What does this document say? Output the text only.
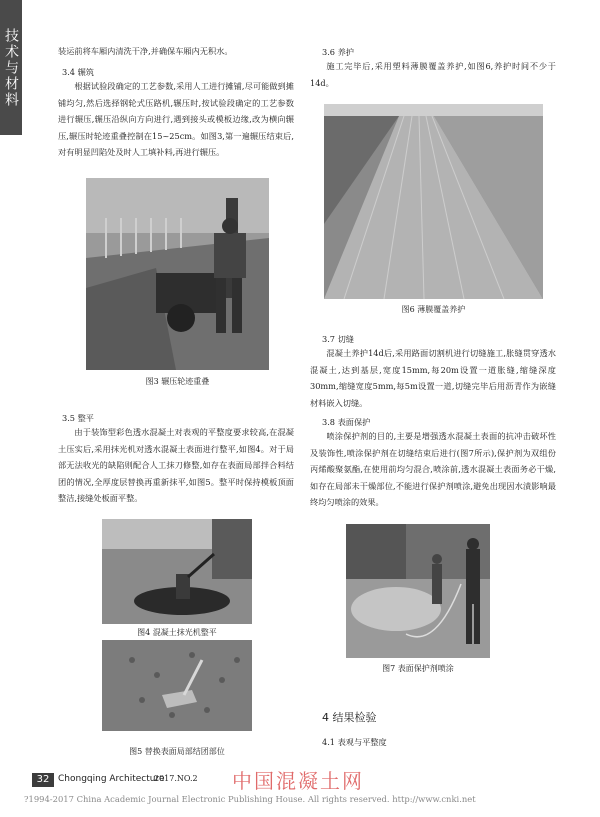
技术与材料	装运前将车厢内清洗干净,并确保车厢内无积水。
3.4 辗筑
根据试验段确定的工艺参数,采用人工进行摊铺,尽可能做到摊铺均匀,然后选择钢轮式压路机,辗压时,按试验段确定的工艺参数进行辗压,辗压沿纵向方向进行,遇到接头或模板边缘,改为横向辗压,辗压时轮迹重叠控制在15~25cm。如图3,第一遍辗压结束后,对有明显凹陷处及时人工填补料,再进行辗压。
图3 辗压轮迹重叠
3.5 整平
由于装饰型彩色透水混凝土对表观的平整度要求较高,在混凝土压实后,采用抹光机对透水混凝土表面进行整平,如图4。对于局部无法收光的缺陷则配合人工抹刀修整,如存在表面局部拌合料结团的情况,全厚度层替换再重新抹平,如图5。整平时保持模板顶面整洁,接缝处板面平整。
图4 混凝土抹光机整平
图5 替换表面局部结团部位
3.6 养护
施工完毕后,采用塑料薄膜覆盖养护,如图6,养护时间不少于14d。
图6 薄膜覆盖养护
3.7 切缝
混凝土养护14d后,采用路面切割机进行切缝施工,胀缝贯穿透水混凝土,达到基层,宽度15mm,每20m设置一道胀缝,缩缝深度30mm,缩缝宽度5mm,每5m设置一道,切缝完毕后用沥青作为嵌缝材料嵌入切缝。
3.8 表面保护
喷涂保护剂的目的,主要是增强透水混凝土表面的抗冲击破坏性及装饰性,喷涂保护剂在切缝结束后进行(图7所示),保护剂为双组份丙烯酸聚氨酯,在使用前均匀混合,喷涂前,透水混凝土表面务必干燥,如存在局部未干燥部位,不能进行保护剂喷涂,避免出现因水渍影响最终均匀喷涂的效果。
图7 表面保护剂喷涂
4 结果检验
4.1 表观与平整度
32 Chongqing Architecture
2017.NO.2 中国混凝土网
?1994-2017 China Academic Journal Electronic Publishing House. All rights reserved. http://www.cnki.net
